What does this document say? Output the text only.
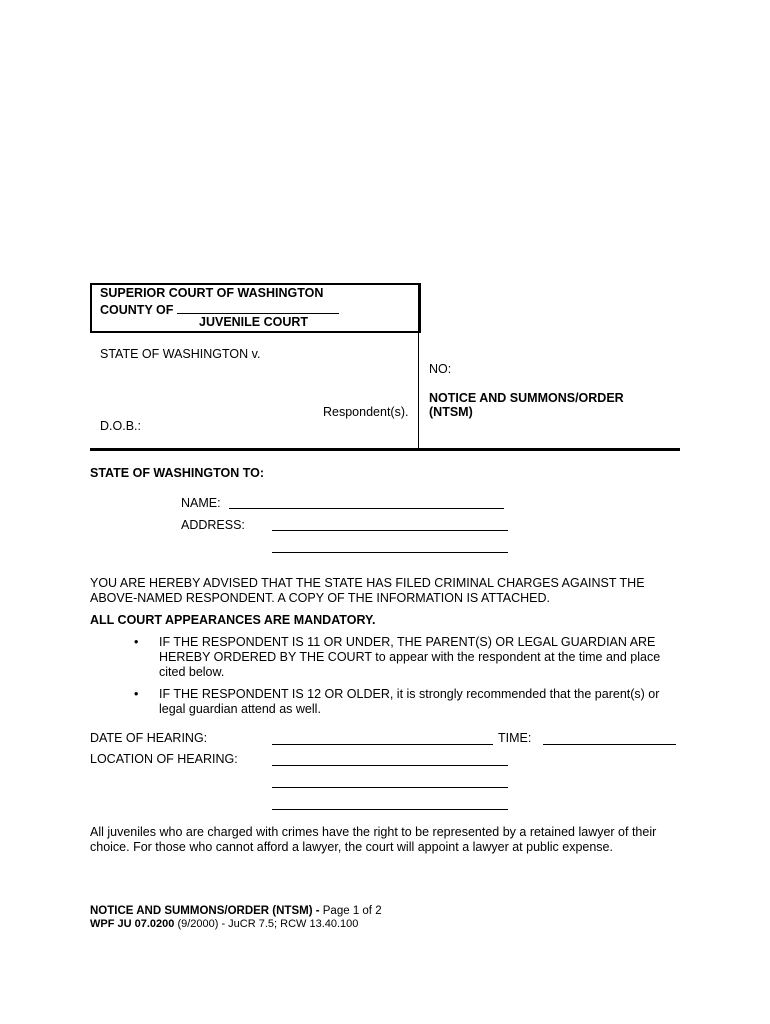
SUPERIOR COURT OF WASHINGTON
COUNTY OF
JUVENILE COURT
STATE OF WASHINGTON v.
Respondent(s).
D.O.B.:
NO:
NOTICE AND SUMMONS/ORDER
(NTSM)
STATE OF WASHINGTON TO:
NAME:
ADDRESS:
YOU ARE HEREBY ADVISED THAT THE STATE HAS FILED CRIMINAL CHARGES AGAINST THE
ABOVE-NAMED RESPONDENT. A COPY OF THE INFORMATION IS ATTACHED.
ALL COURT APPEARANCES ARE MANDATORY.
• IF THE RESPONDENT IS 11 OR UNDER, THE PARENT(S) OR LEGAL GUARDIAN ARE
HEREBY ORDERED BY THE COURT to appear with the respondent at the time and place
cited below.
• IF THE RESPONDENT IS 12 OR OLDER, it is strongly recommended that the parent(s) or
legal guardian attend as well.
DATE OF HEARING:	TIME:
LOCATION OF HEARING:
All juveniles who are charged with crimes have the right to be represented by a retained lawyer of their
choice. For those who cannot afford a lawyer, the court will appoint a lawyer at public expense.
NOTICE AND SUMMONS/ORDER (NTSM) - Page 1 of 2
WPF JU 07.0200 (9/2000) - JuCR 7.5; RCW 13.40.100
